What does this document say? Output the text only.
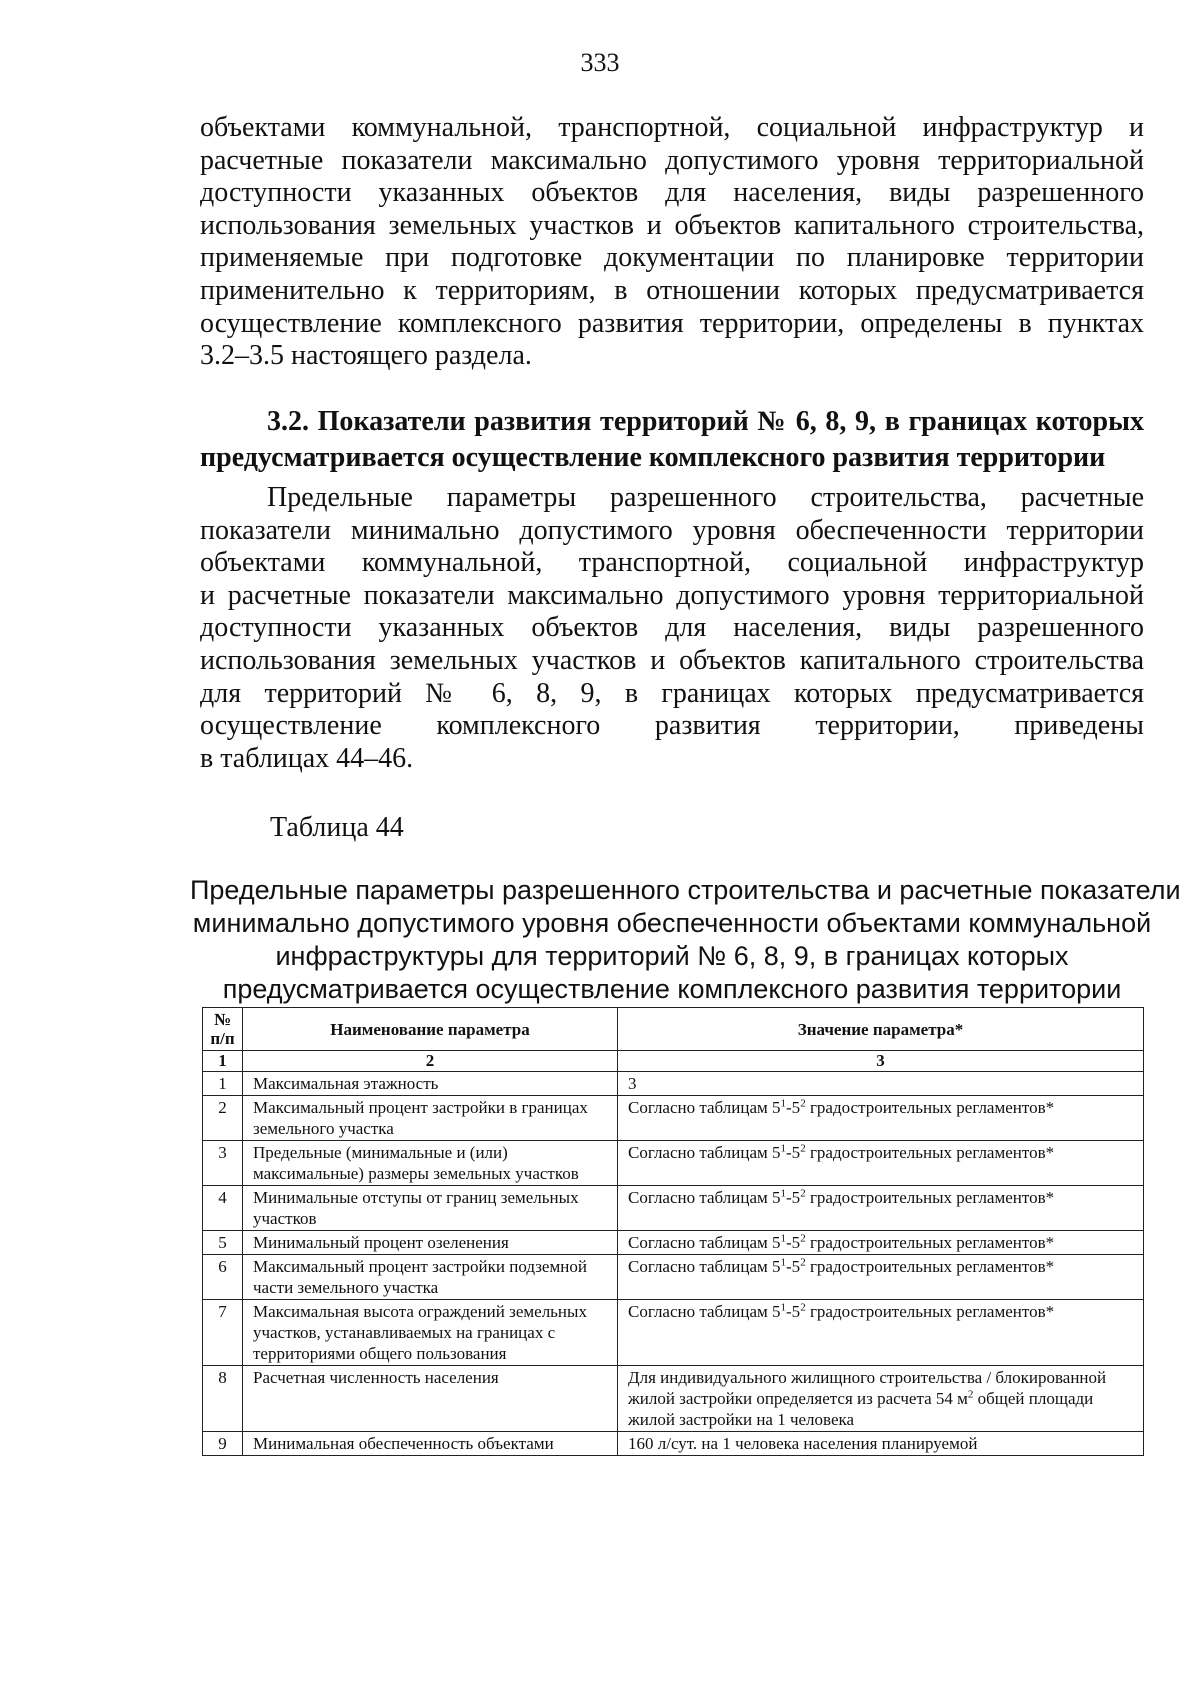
333
объектами коммунальной, транспортной, социальной инфраструктур и
расчетные показатели максимально допустимого уровня территориальной
доступности указанных объектов для населения, виды разрешенного
использования земельных участков и объектов капитального строительства,
применяемые при подготовке документации по планировке территории
применительно к территориям, в отношении которых предусматривается
осуществление комплексного развития территории, определены в пунктах
3.2–3.5 настоящего раздела.
3.2. Показатели развития территорий № 6, 8, 9, в границах которых
предусматривается осуществление комплексного развития территории
Предельные параметры разрешенного строительства, расчетные
показатели минимально допустимого уровня обеспеченности территории
объектами коммунальной, транспортной, социальной инфраструктур
и расчетные показатели максимально допустимого уровня территориальной
доступности указанных объектов для населения, виды разрешенного
использования земельных участков и объектов капитального строительства
для территорий № 6, 8, 9, в границах которых предусматривается
осуществление комплексного развития территории, приведены
в таблицах 44–46.
Таблица 44
Предельные параметры разрешенного строительства и расчетные показатели
минимально допустимого уровня обеспеченности объектами коммунальной
инфраструктуры для территорий № 6, 8, 9, в границах которых
предусматривается осуществление комплексного развития территории
№ п/п	Наименование параметра	Значение параметра*
1	2	3
1	Максимальная этажность	3
2	Максимальный процент застройки в границах земельного участка	Согласно таблицам $5^1-5^2$ градостроительных регламентов*
3	Предельные (минимальные и (или) максимальные) размеры земельных участков	Согласно таблицам $5^1-5^2$ градостроительных регламентов*
4	Минимальные отступы от границ земельных участков	Согласно таблицам $5^1-5^2$ градостроительных регламентов*
5	Минимальный процент озеленения	Согласно таблицам $5^1-5^2$ градостроительных регламентов*
6	Максимальный процент застройки подземной части земельного участка	Согласно таблицам $5^1-5^2$ градостроительных регламентов*
7	Максимальная высота ограждений земельных участков, устанавливаемых на границах с территориями общего пользования	Согласно таблицам $5^1-5^2$ градостроительных регламентов*
8	Расчетная численность населения	Для индивидуального жилищного строительства / блокированной жилой застройки определяется из расчета 54 $м^2$ общей площади жилой застройки на 1 человека
9	Минимальная обеспеченность объектами	160 л/сут. на 1 человека населения планируемой
